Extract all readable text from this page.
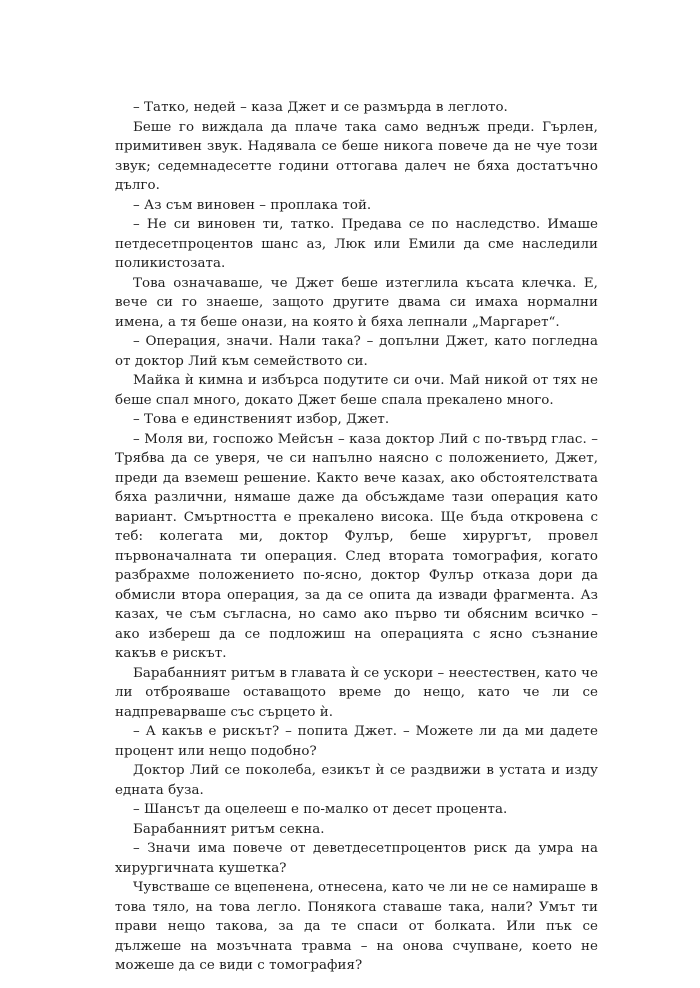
– Татко, недей – каза Джет и се размърда в леглото.

Беше го виждала да плаче така само веднъж преди. Гърлен, примитивен звук. Надявала се беше никога повече да не чуе този звук; седемнадесетте години оттогава далеч не бяха достатъчно дълго.

– Аз съм виновен – проплака той.

– Не си виновен ти, татко. Предава се по наследство. Имаше петдесетпроцентов шанс аз, Люк или Емили да сме наследили поликистозата.

Това означаваше, че Джет беше изтеглила късата клечка. Е, вече си го знаеше, защото другите двама си имаха нормални имена, а тя беше онази, на която ѝ бяха лепнали „Маргарет“.

– Операция, значи. Нали така? – допълни Джет, като погледна от доктор Лий към семейството си.

Майка ѝ кимна и избърса подутите си очи. Май никой от тях не беше спал много, докато Джет беше спала прекалено много.

– Това е единственият избор, Джет.

– Моля ви, госпожо Мейсън – каза доктор Лий с по-твърд глас. – Трябва да се уверя, че си напълно наясно с положението, Джет, преди да вземеш решение. Както вече казах, ако обстоятелствата бяха различни, нямаше даже да обсъждаме тази операция като вариант. Смъртността е прекалено висока. Ще бъда откровена с теб: колегата ми, доктор Фулър, беше хирургът, провел първоначалната ти операция. След втората томография, когато разбрахме положението по-ясно, доктор Фулър отказа дори да обмисли втора операция, за да се опита да извади фрагмента. Аз казах, че съм съгласна, но само ако първо ти обясним всичко – ако избереш да се подложиш на операцията с ясно съзнание какъв е рискът.

Барабанният ритъм в главата ѝ се ускори – неестествен, като че ли отброяваше оставащото време до нещо, като че ли се надпреварваше със сърцето ѝ.

– А какъв е рискът? – попита Джет. – Можете ли да ми дадете процент или нещо подобно?

Доктор Лий се поколеба, езикът ѝ се раздвижи в устата и изду едната буза.

– Шансът да оцелееш е по-малко от десет процента.

Барабанният ритъм секна.

– Значи има повече от деветдесетпроцентов риск да умра на хирургичната кушетка?

Чувстваше се вцепенена, отнесена, като че ли не се намираше в това тяло, на това легло. Понякога ставаше така, нали? Умът ти прави нещо такова, за да те спаси от болката. Или пък се дължеше на мозъчната травма – на онова счупване, което не можеше да се види с томография?
